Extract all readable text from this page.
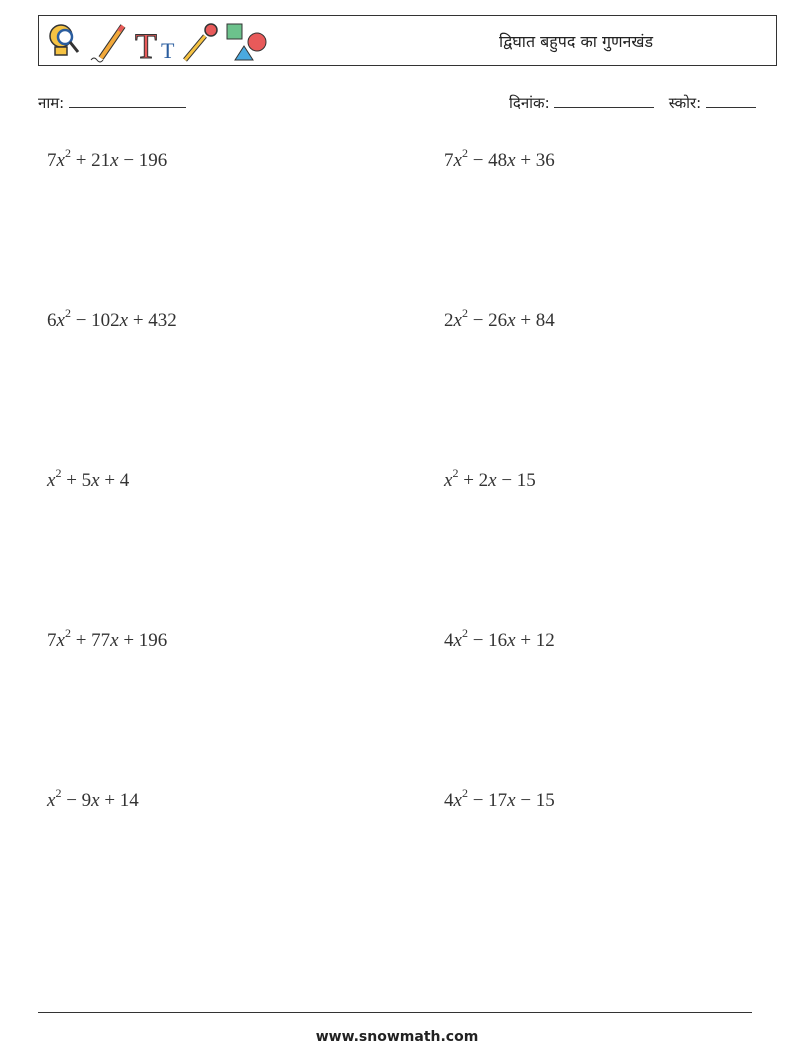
T T	द्विघात बहुपद का गुणनखंड
नाम:	दिनांक:	स्कोर:
$7x^2 + 21x - 196$	$7x^2 - 48x + 36$
$6x^2 - 102x + 432$	$2x^2 - 26x + 84$
$x^2 + 5x + 4$	$x^2 + 2x - 15$
$7x^2 + 77x + 196$	$4x^2 - 16x + 12$
$x^2 - 9x + 14$	$4x^2 - 17x - 15$
www.snowmath.com
